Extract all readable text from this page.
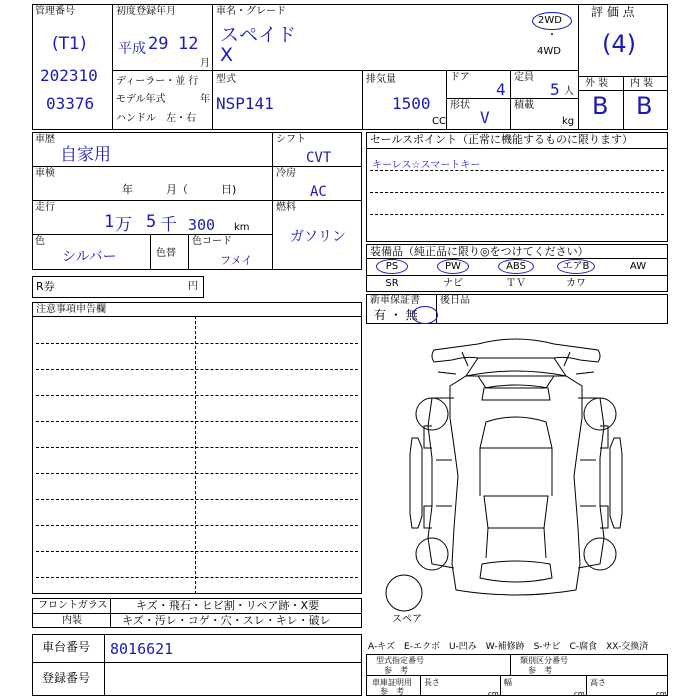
管理番号
(T1)
202310
03376
初度登録年月
平成 29 12
月
車名・グレード
スペイド
X
2WD
・
4WD
評 価 点
(4)
外 装 内 装
B B
ディーラー・並 行
モデル年式	年
ハンドル　左・右
型式
NSP141
排気量
1500
CC
ドア
4
形状
V
定員
5 人
積載
kg
車歴
自家用
車検
年　　　月（　　　日)
走行
1 万 5 千 300 km
色
シルバー	色替
色コード
フメイ
シフト
CVT
冷房
AC
燃料
ガソリン
R券	円
セールスポイント（正常に機能するものに限ります）
キーレス☆スマートキー
装備品（純正品に限り◎をつけてください）
PS	PW	ABS	エアB	AW
SR	ナビ	ＴＶ	カワ
新車保証書
有 ・ 無
後日品
注意事項申告欄
スペア
フロントガラス	キズ・飛石・ヒビ割・リペア跡・X要
内装	キズ・汚レ・コゲ・穴・スレ・キレ・破レ
車台番号 8016621
登録番号
A-キズ　E-エクボ　U-凹み　W-補修跡　S-サビ　C-腐食　XX-交換済
型式指定番号
参　考
類別区分番号
参　考
車庫証明用
参　考
長さ
cm
幅
cm
高さ
cm
